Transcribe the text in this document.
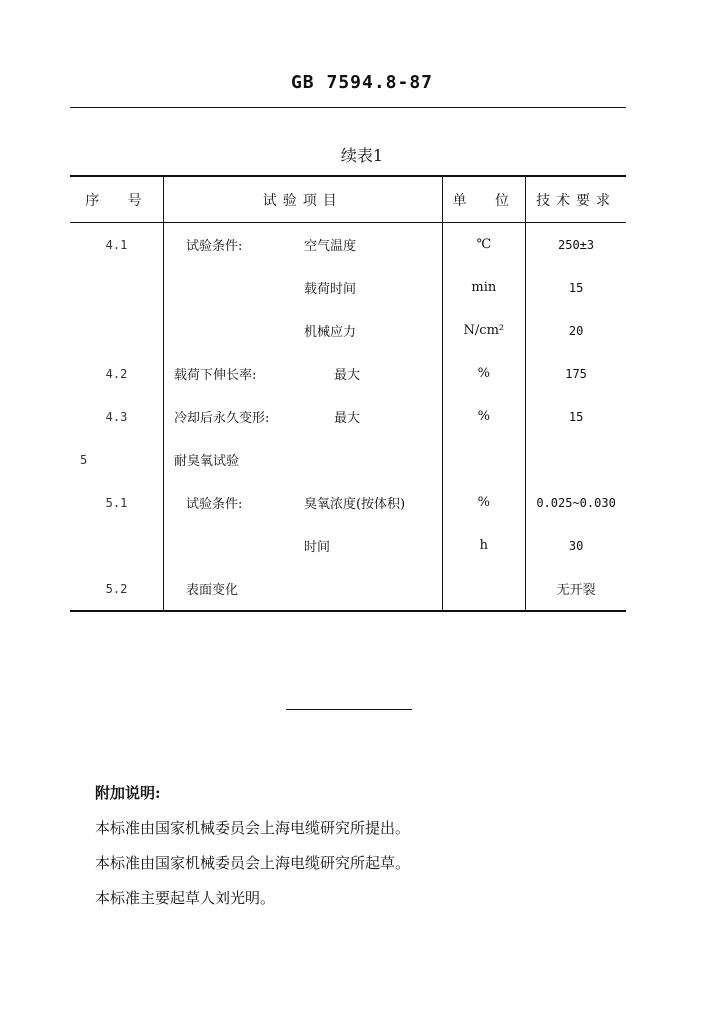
GB 7594.8-87
续表1
序 号	试验项目	单 位	技术要求
4.1	试验条件: 空气温度	℃	250±3

	载荷时间	min	15

	机械应力	N/cm²	20
4.2	载荷下伸长率: 最大	%	175
4.3	冷却后永久变形: 最大	%	15
5	耐臭氧试验		

5.1	试验条件: 臭氧浓度(按体积)	%	0.025~0.030

	时间	h	30
5.2	表面变化		无开裂
附加说明:
本标准由国家机械委员会上海电缆研究所提出。
本标准由国家机械委员会上海电缆研究所起草。
本标准主要起草人刘光明。
